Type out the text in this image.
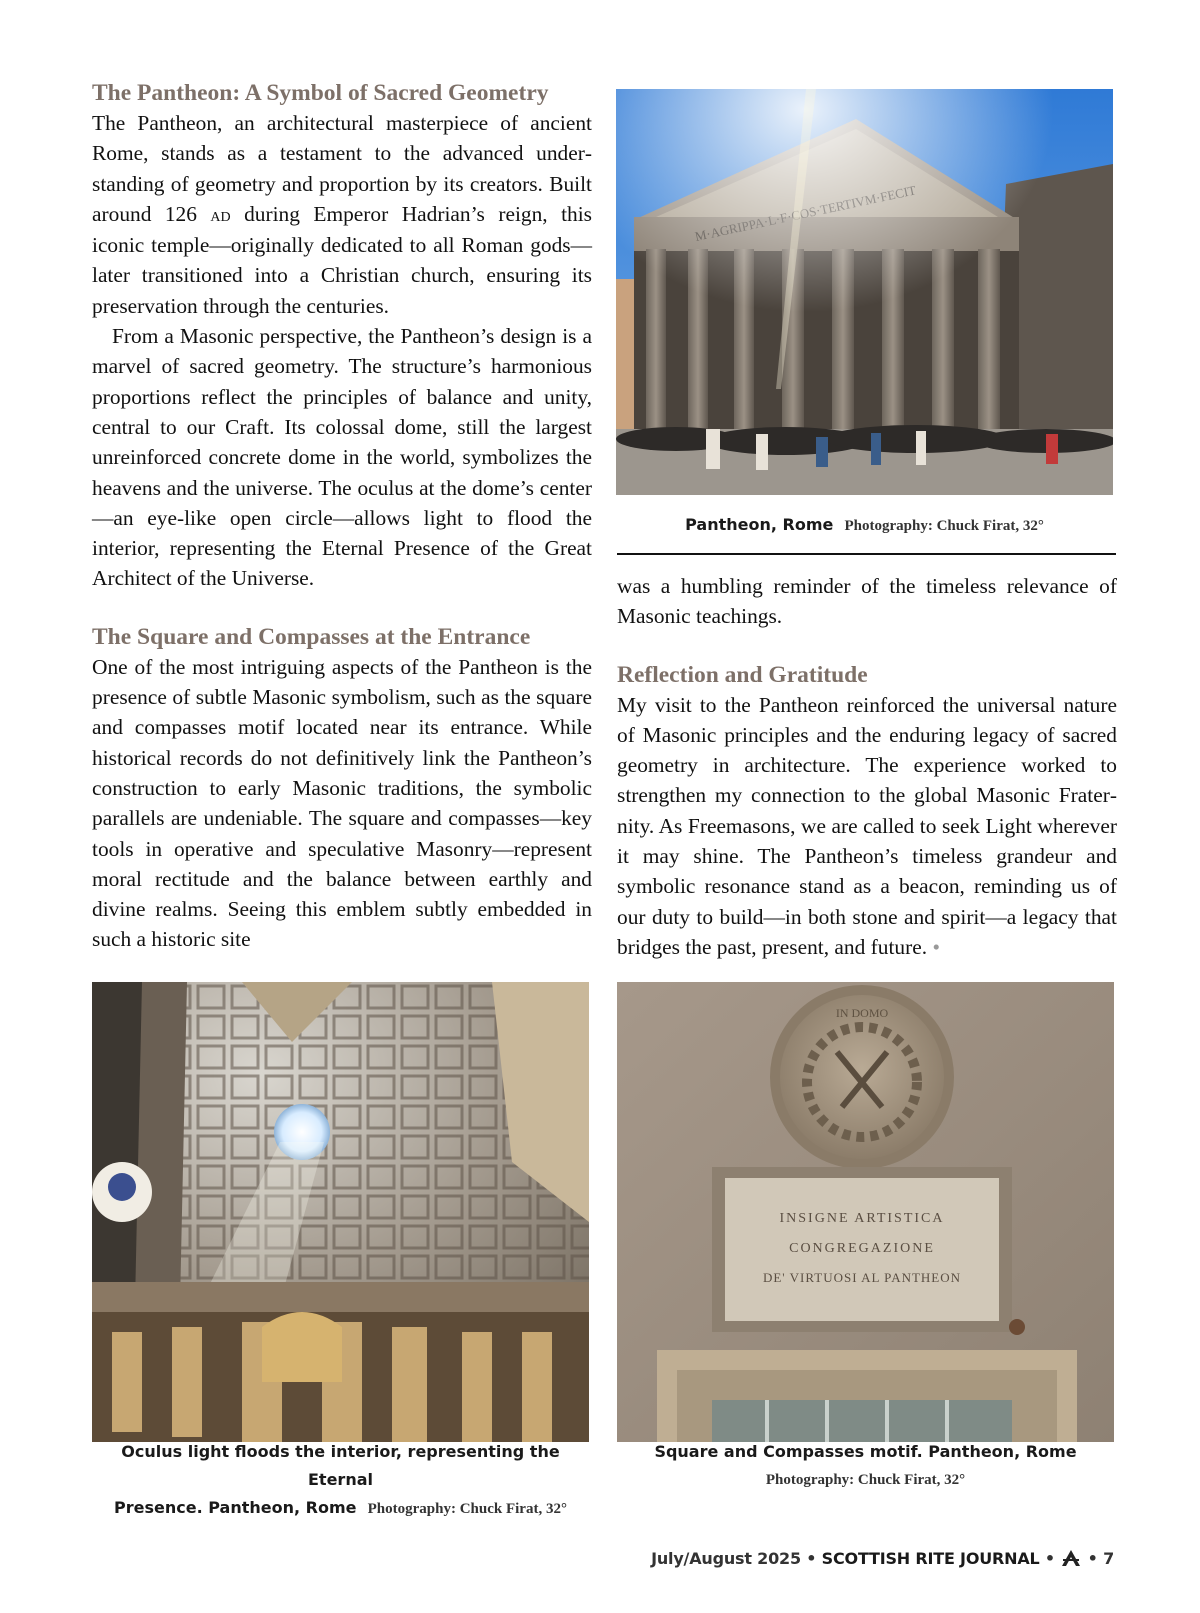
The Pantheon: A Symbol of Sacred Geometry

The Pantheon, an architectural masterpiece of ancient Rome, stands as a testament to the advanced understanding of geometry and proportion by its creators. Built around 126 ad during Emperor Hadrian’s reign, this iconic temple—originally dedicated to all Roman gods—later transitioned into a Christian church, ensuring its preservation through the centuries.

From a Masonic perspective, the Pantheon’s design is a marvel of sacred geometry. The structure’s harmonious proportions reflect the principles of balance and unity, central to our Craft. Its colossal dome, still the largest unreinforced concrete dome in the world, symbolizes the heavens and the universe. The oculus at the dome’s center—an eye-like open circle—allows light to flood the interior, representing the Eternal Presence of the Great Architect of the Universe.

The Square and Compasses at the Entrance

One of the most intriguing aspects of the Pantheon is the presence of subtle Masonic symbolism, such as the square and compasses motif located near its entrance. While historical records do not definitively link the Pantheon’s construction to early Masonic traditions, the symbolic parallels are undeniable. The square and compasses—key tools in operative and speculative Masonry—represent moral rectitude and the balance between earthly and divine realms. Seeing this emblem subtly embedded in such a historic site

Pantheon, Rome Photography: Chuck Firat, 32°

was a humbling reminder of the timeless relevance of Masonic teachings.

Reflection and Gratitude

My visit to the Pantheon reinforced the universal nature of Masonic principles and the enduring legacy of sacred geometry in architecture. The experience worked to strengthen my connection to the global Masonic Fraternity. As Freemasons, we are called to seek Light wherever it may shine. The Pantheon’s timeless grandeur and symbolic resonance stand as a beacon, reminding us of our duty to build—in both stone and spirit—a legacy that bridges the past, present, and future. •

Oculus light floods the interior, representing the Eternal
Presence. Pantheon, Rome Photography: Chuck Firat, 32°
IN DOMO
INSIGNE ARTISTICA
CONGREGAZIONE
DE' VIRTUOSI AL PANTHEON
Square and Compasses motif. Pantheon, Rome
Photography: Chuck Firat, 32°
July/August 2025 • SCOTTISH RITE JOURNAL • • 7
